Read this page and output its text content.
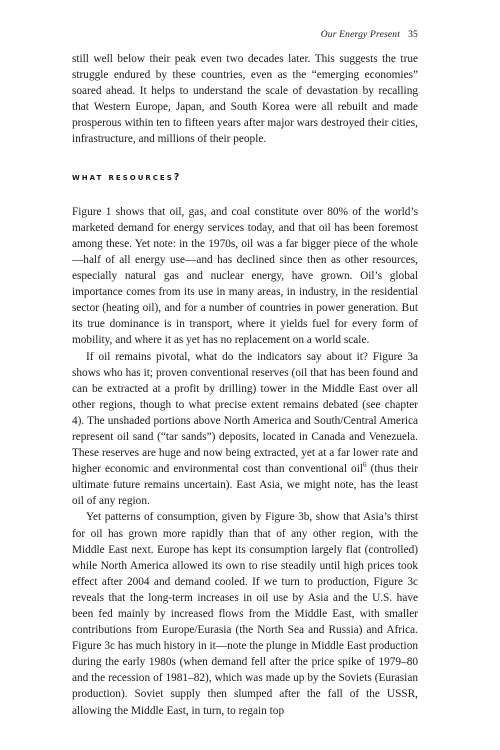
Our Energy Present 35

still well below their peak even two decades later. This suggests the true struggle endured by these countries, even as the “emerging economies” soared ahead. It helps to understand the scale of devastation by recalling that Western Europe, Japan, and South Korea were all rebuilt and made prosperous within ten to fifteen years after major wars destroyed their cities, infrastructure, and millions of their people.

what resources?

Figure 1 shows that oil, gas, and coal constitute over 80% of the world’s marketed demand for energy services today, and that oil has been foremost among these. Yet note: in the 1970s, oil was a far bigger piece of the whole—half of all energy use—and has declined since then as other resources, especially natural gas and nuclear energy, have grown. Oil’s global importance comes from its use in many areas, in industry, in the residential sector (heating oil), and for a number of countries in power generation. But its true dominance is in transport, where it yields fuel for every form of mobility, and where it as yet has no replacement on a world scale.

If oil remains pivotal, what do the indicators say about it? Figure 3a shows who has it; proven conventional reserves (oil that has been found and can be extracted at a profit by drilling) tower in the Middle East over all other regions, though to what precise extent remains debated (see chapter 4). The unshaded portions above North America and South/Central America represent oil sand (“tar sands”) deposits, located in Canada and Venezuela. These reserves are huge and now being extracted, yet at a far lower rate and higher economic and environmental cost than conventional oil$^6$ (thus their ultimate future remains uncertain). East Asia, we might note, has the least oil of any region.

Yet patterns of consumption, given by Figure 3b, show that Asia’s thirst for oil has grown more rapidly than that of any other region, with the Middle East next. Europe has kept its consumption largely flat (controlled) while North America allowed its own to rise steadily until high prices took effect after 2004 and demand cooled. If we turn to production, Figure 3c reveals that the long-term increases in oil use by Asia and the U.S. have been fed mainly by increased flows from the Middle East, with smaller contributions from Europe/Eurasia (the North Sea and Russia) and Africa. Figure 3c has much history in it—note the plunge in Middle East production during the early 1980s (when demand fell after the price spike of 1979–80 and the recession of 1981–82), which was made up by the Soviets (Eurasian production). Soviet supply then slumped after the fall of the USSR, allowing the Middle East, in turn, to regain top
